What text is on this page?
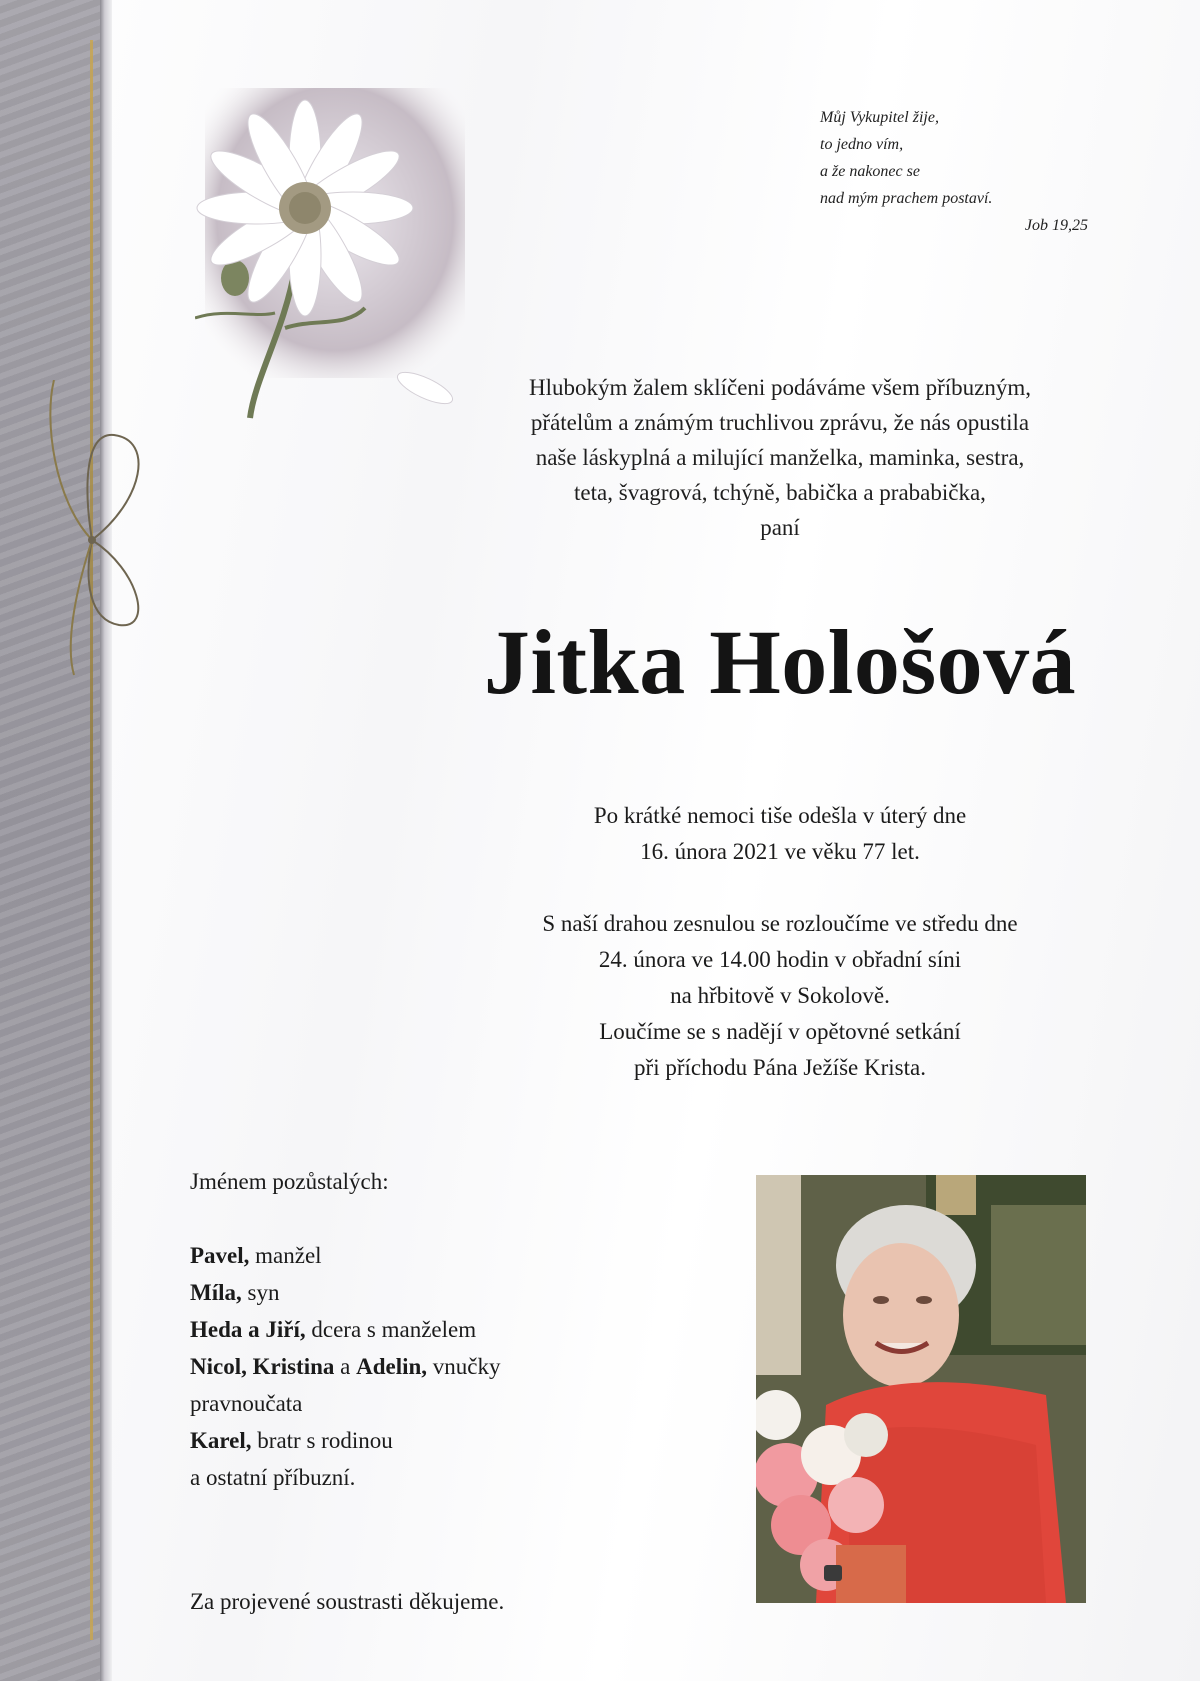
Můj Vykupitel žije,
to jedno vím,
a že nakonec se
nad mým prachem postaví.
Job 19,25
Hlubokým žalem sklíčeni podáváme všem příbuzným,
přátelům a známým truchlivou zprávu, že nás opustila
naše láskyplná a milující manželka, maminka, sestra,
teta, švagrová, tchýně, babička a prababička,
paní
Jitka Hološová
Po krátké nemoci tiše odešla v úterý dne
16. února 2021 ve věku 77 let.
S naší drahou zesnulou se rozloučíme ve středu dne
24. února ve 14.00 hodin v obřadní síni
na hřbitově v Sokolově.
Loučíme se s nadějí v opětovné setkání
při příchodu Pána Ježíše Krista.
Jménem pozůstalých:
Pavel, manžel
Míla, syn
Heda a Jiří, dcera s manželem
Nicol, Kristina a Adelin, vnučky
pravnoučata
Karel, bratr s rodinou
a ostatní příbuzní.
Za projevené soustrasti děkujeme.
